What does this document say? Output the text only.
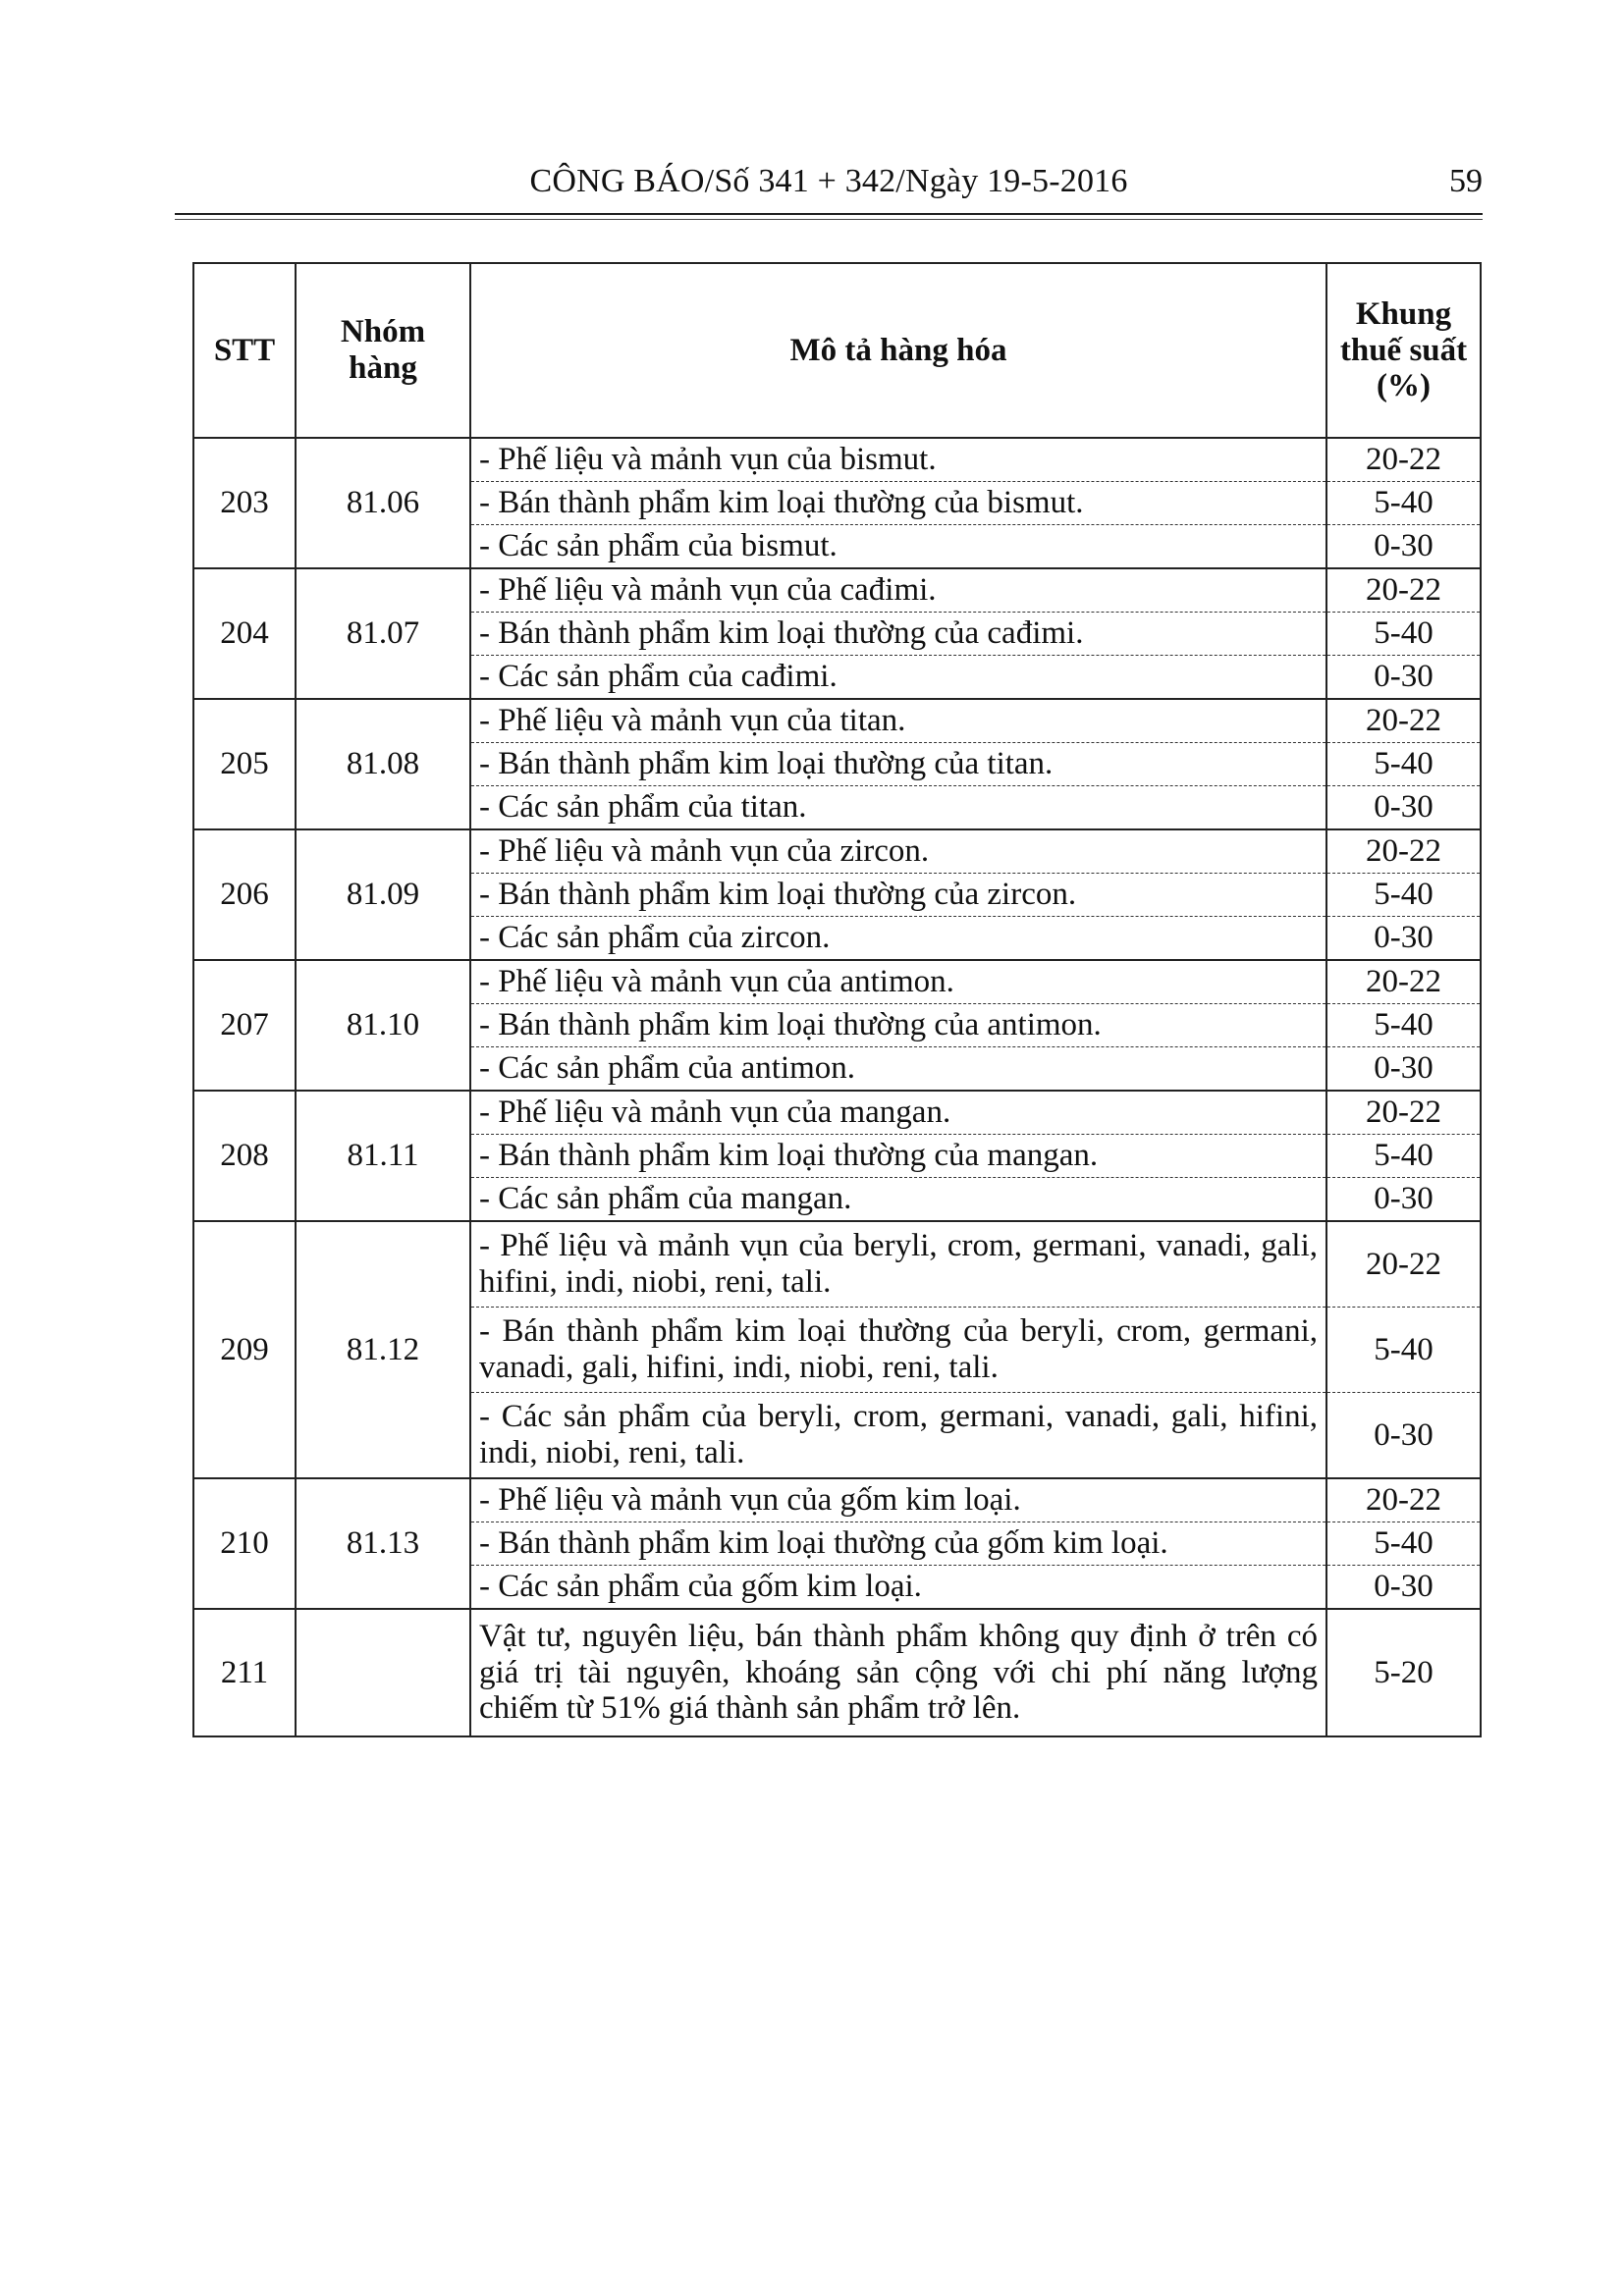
CÔNG BÁO/Số 341 + 342/Ngày 19-5-2016	59
STT	Nhóm hàng	Mô tả hàng hóa	Khung thuế suất (%)
203	81.06	- Phế liệu và mảnh vụn của bismut.	20-22
		- Bán thành phẩm kim loại thường của bismut.	5-40
		- Các sản phẩm của bismut.	0-30
204	81.07	- Phế liệu và mảnh vụn của cađimi.	20-22
		- Bán thành phẩm kim loại thường của cađimi.	5-40
		- Các sản phẩm của cađimi.	0-30
205	81.08	- Phế liệu và mảnh vụn của titan.	20-22
		- Bán thành phẩm kim loại thường của titan.	5-40
		- Các sản phẩm của titan.	0-30
206	81.09	- Phế liệu và mảnh vụn của zircon.	20-22
		- Bán thành phẩm kim loại thường của zircon.	5-40
		- Các sản phẩm của zircon.	0-30
207	81.10	- Phế liệu và mảnh vụn của antimon.	20-22
		- Bán thành phẩm kim loại thường của antimon.	5-40
		- Các sản phẩm của antimon.	0-30
208	81.11	- Phế liệu và mảnh vụn của mangan.	20-22
		- Bán thành phẩm kim loại thường của mangan.	5-40
		- Các sản phẩm của mangan.	0-30
209	81.12	- Phế liệu và mảnh vụn của beryli, crom, germani, vanadi, gali, hifini, indi, niobi, reni, tali.	20-22
		- Bán thành phẩm kim loại thường của beryli, crom, germani, vanadi, gali, hifini, indi, niobi, reni, tali.	5-40
		- Các sản phẩm của beryli, crom, germani, vanadi, gali, hifini, indi, niobi, reni, tali.	0-30
210	81.13	- Phế liệu và mảnh vụn của gốm kim loại.	20-22
		- Bán thành phẩm kim loại thường của gốm kim loại.	5-40
		- Các sản phẩm của gốm kim loại.	0-30
211		Vật tư, nguyên liệu, bán thành phẩm không quy định ở trên có giá trị tài nguyên, khoáng sản cộng với chi phí năng lượng chiếm từ 51% giá thành sản phẩm trở lên.	5-20
